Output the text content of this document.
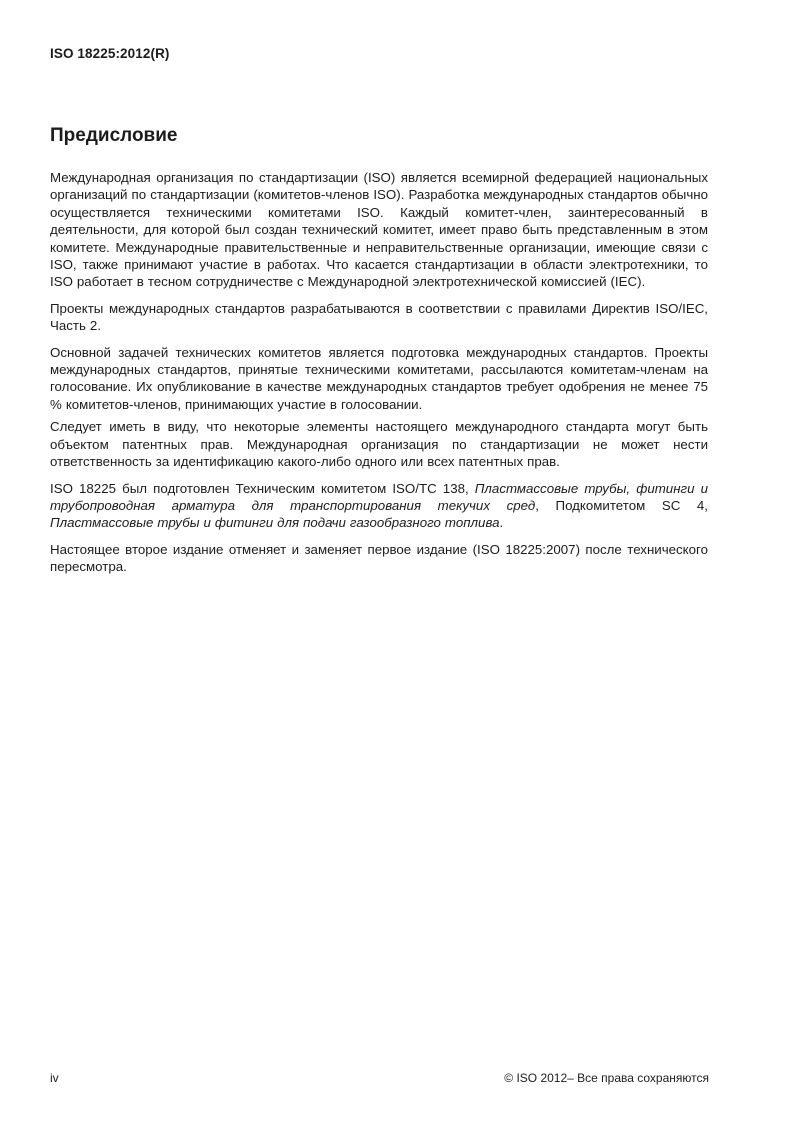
ISO 18225:2012(R)
Предисловие

Международная организация по стандартизации (ISO) является всемирной федерацией национальных организаций по стандартизации (комитетов-членов ISO). Разработка международных стандартов обычно осуществляется техническими комитетами ISO. Каждый комитет-член, заинтересованный в деятельности, для которой был создан технический комитет, имеет право быть представленным в этом комитете. Международные правительственные и неправительственные организации, имеющие связи с ISO, также принимают участие в работах. Что касается стандартизации в области электротехники, то ISO работает в тесном сотрудничестве с Международной электротехнической комиссией (IEC).

Проекты международных стандартов разрабатываются в соответствии с правилами Директив ISO/IEC, Часть 2.

Основной задачей технических комитетов является подготовка международных стандартов. Проекты международных стандартов, принятые техническими комитетами, рассылаются комитетам-членам на голосование. Их опубликование в качестве международных стандартов требует одобрения не менее 75 % комитетов-членов, принимающих участие в голосовании.

Следует иметь в виду, что некоторые элементы настоящего международного стандарта могут быть объектом патентных прав. Международная организация по стандартизации не может нести ответственность за идентификацию какого-либо одного или всех патентных прав.

ISO 18225 был подготовлен Техническим комитетом ISO/TC 138, Пластмассовые трубы, фитинги и трубопроводная арматура для транспортирования текучих сред, Подкомитетом SC 4, Пластмассовые трубы и фитинги для подачи газообразного топлива.

Настоящее второе издание отменяет и заменяет первое издание (ISO 18225:2007) после технического пересмотра.

iv	© ISO 2012– Все права сохраняются
